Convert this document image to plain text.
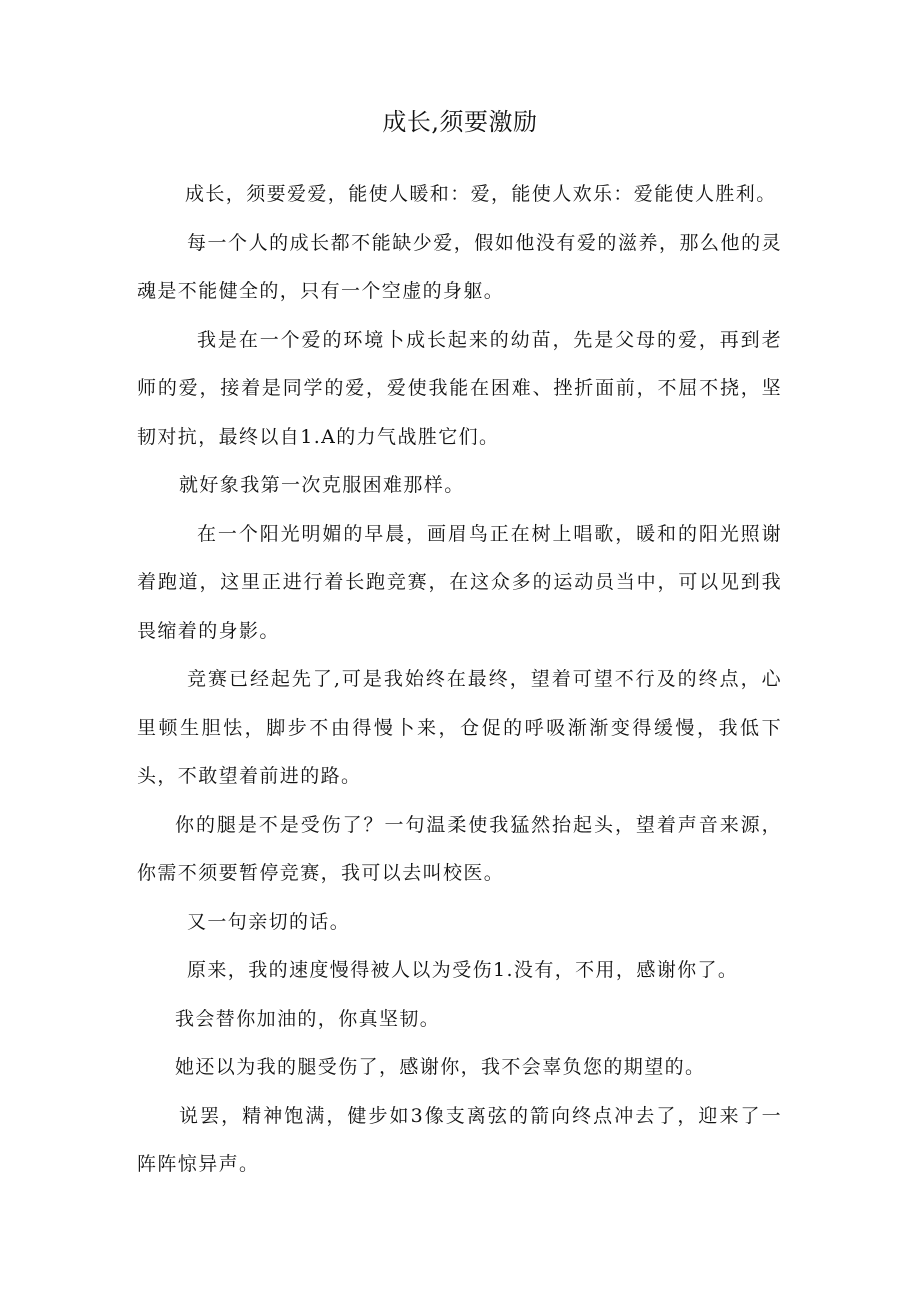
成长,须要激励

成长，须要爱爱，能使人暖和：爱，能使人欢乐：爱能使人胜利。

每一个人的成长都不能缺少爱，假如他没有爱的滋养，那么他的灵魂是不能健全的，只有一个空虚的身躯。

我是在一个爱的环境卜成长起来的幼苗，先是父母的爱，再到老师的爱，接着是同学的爱，爱使我能在困难、挫折面前，不屈不挠，坚韧对抗，最终以自1.A的力气战胜它们。

就好象我第一次克服困难那样。

在一个阳光明媚的早晨，画眉鸟正在树上唱歌，暖和的阳光照谢着跑道，这里正进行着长跑竞赛，在这众多的运动员当中，可以见到我畏缩着的身影。

竞赛已经起先了,可是我始终在最终，望着可望不行及的终点，心里顿生胆怯，脚步不由得慢卜来，仓促的呼吸渐渐变得缓慢，我低下头，不敢望着前进的路。

你的腿是不是受伤了？一句温柔使我猛然抬起头，望着声音来源，你需不须要暂停竞赛，我可以去叫校医。

又一句亲切的话。

原来，我的速度慢得被人以为受伤1.没有，不用，感谢你了。

我会替你加油的，你真坚韧。

她还以为我的腿受伤了，感谢你，我不会辜负您的期望的。

说罢，精神饱满，健步如3像支离弦的箭向终点冲去了，迎来了一阵阵惊异声。
